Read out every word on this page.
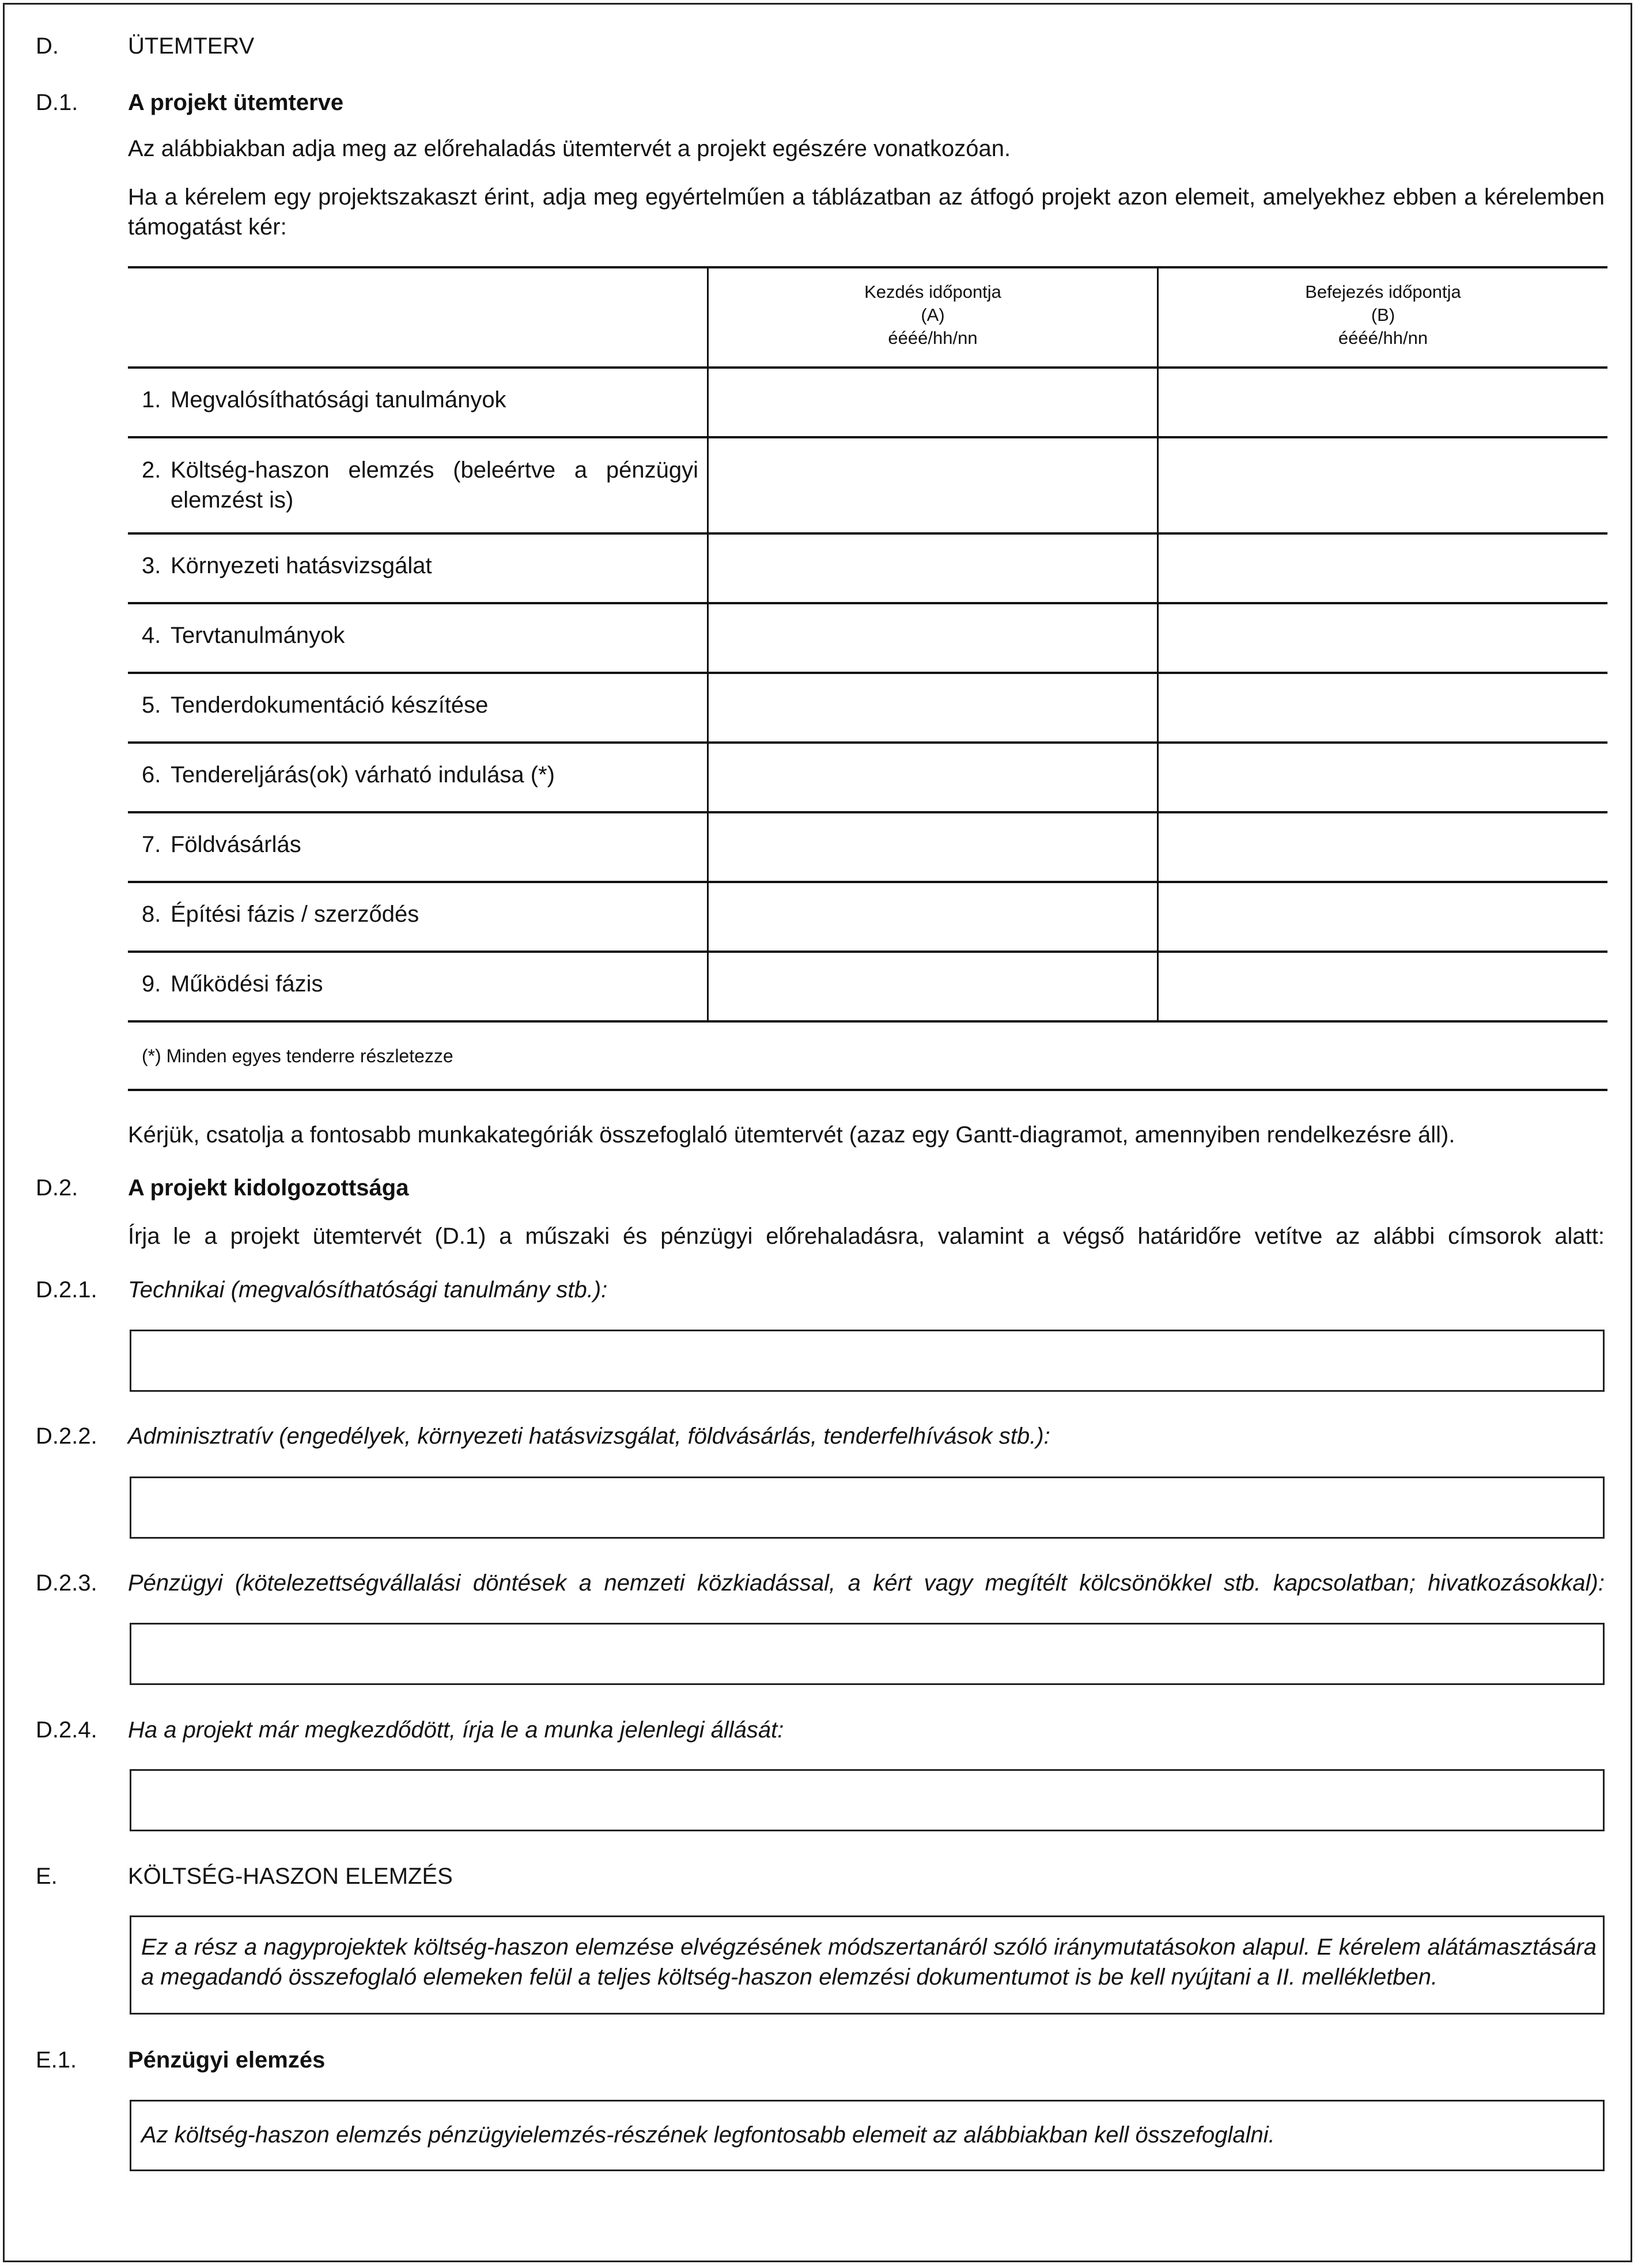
D.	ÜTEMTERV
D.1. A projekt ütemterve
Az alábbiakban adja meg az előrehaladás ütemtervét a projekt egészére vonatkozóan.
Ha a kérelem egy projektszakaszt érint, adja meg egyértelműen a táblázatban az átfogó projekt azon elemeit, amelyekhez ebben a kérelemben támogatást kér:
Kezdés időpontja
(A)
éééé/hh/nn
Befejezés időpontja
(B)
éééé/hh/nn
1. Megvalósíthatósági tanulmányok
2. Költség-haszon elemzés (beleértve a pénzügyi
elemzést is)
3. Környezeti hatásvizsgálat
4. Tervtanulmányok
5. Tenderdokumentáció készítése
6. Tendereljárás(ok) várható indulása (*)
7. Földvásárlás
8. Építési fázis / szerződés
9. Működési fázis
(*) Minden egyes tenderre részletezze
Kérjük, csatolja a fontosabb munkakategóriák összefoglaló ütemtervét (azaz egy Gantt-diagramot, amennyiben rendelkezésre áll).
D.2. A projekt kidolgozottsága
Írja le a projekt ütemtervét (D.1) a műszaki és pénzügyi előrehaladásra, valamint a végső határidőre vetítve az alábbi címsorok alatt:
D.2.1. Technikai (megvalósíthatósági tanulmány stb.):
D.2.2. Adminisztratív (engedélyek, környezeti hatásvizsgálat, földvásárlás, tenderfelhívások stb.):
D.2.3. Pénzügyi (kötelezettségvállalási döntések a nemzeti közkiadással, a kért vagy megítélt kölcsönökkel stb. kapcsolatban; hivatkozásokkal):
D.2.4. Ha a projekt már megkezdődött, írja le a munka jelenlegi állását:
E.	KÖLTSÉG-HASZON ELEMZÉS
Ez a rész a nagyprojektek költség-haszon elemzése elvégzésének módszertanáról szóló iránymutatásokon alapul. E kérelem alátámasztására a megadandó összefoglaló elemeken felül a teljes költség-haszon elemzési dokumentumot is be kell nyújtani a II. mellékletben.
E.1. Pénzügyi elemzés
Az költség-haszon elemzés pénzügyielemzés-részének legfontosabb elemeit az alábbiakban kell összefoglalni.
